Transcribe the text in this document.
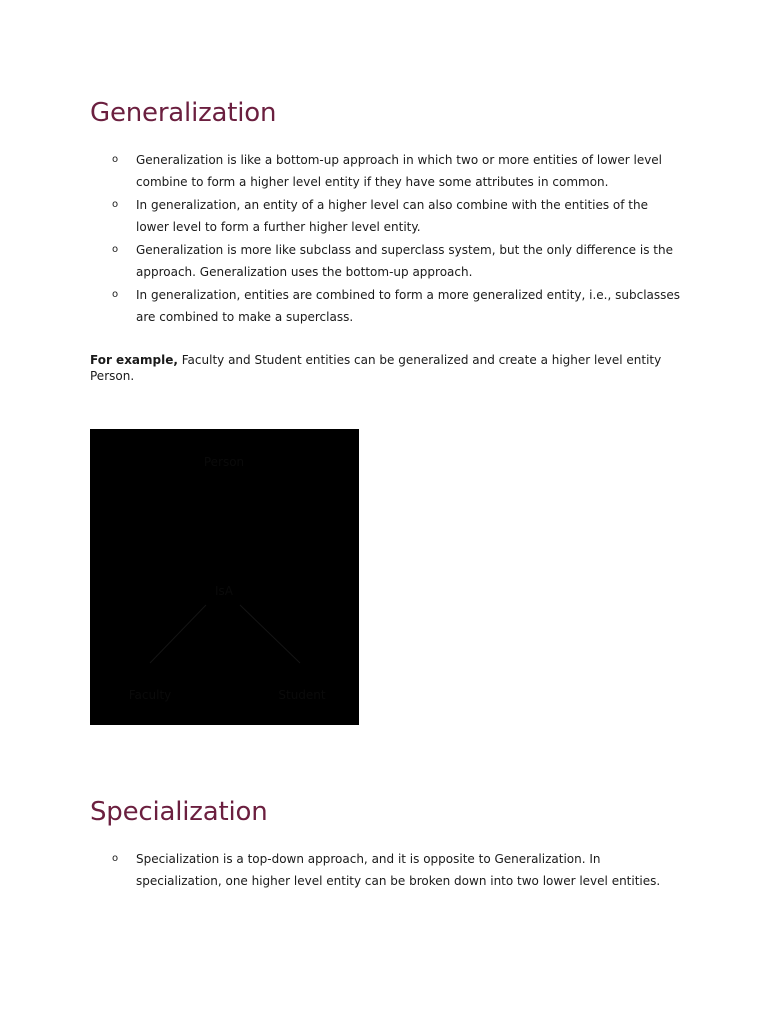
Generalization
o Generalization is like a bottom-up approach in which two or more entities of lower level combine to form a higher level entity if they have some attributes in common.
o In generalization, an entity of a higher level can also combine with the entities of the lower level to form a further higher level entity.
o Generalization is more like subclass and superclass system, but the only difference is the approach. Generalization uses the bottom-up approach.
o In generalization, entities are combined to form a more generalized entity, i.e., subclasses are combined to make a superclass.

For example, Faculty and Student entities can be generalized and create a higher level entity Person.

Person
IsA
Faculty	Student
Specialization
o Specialization is a top-down approach, and it is opposite to Generalization. In specialization, one higher level entity can be broken down into two lower level entities.
